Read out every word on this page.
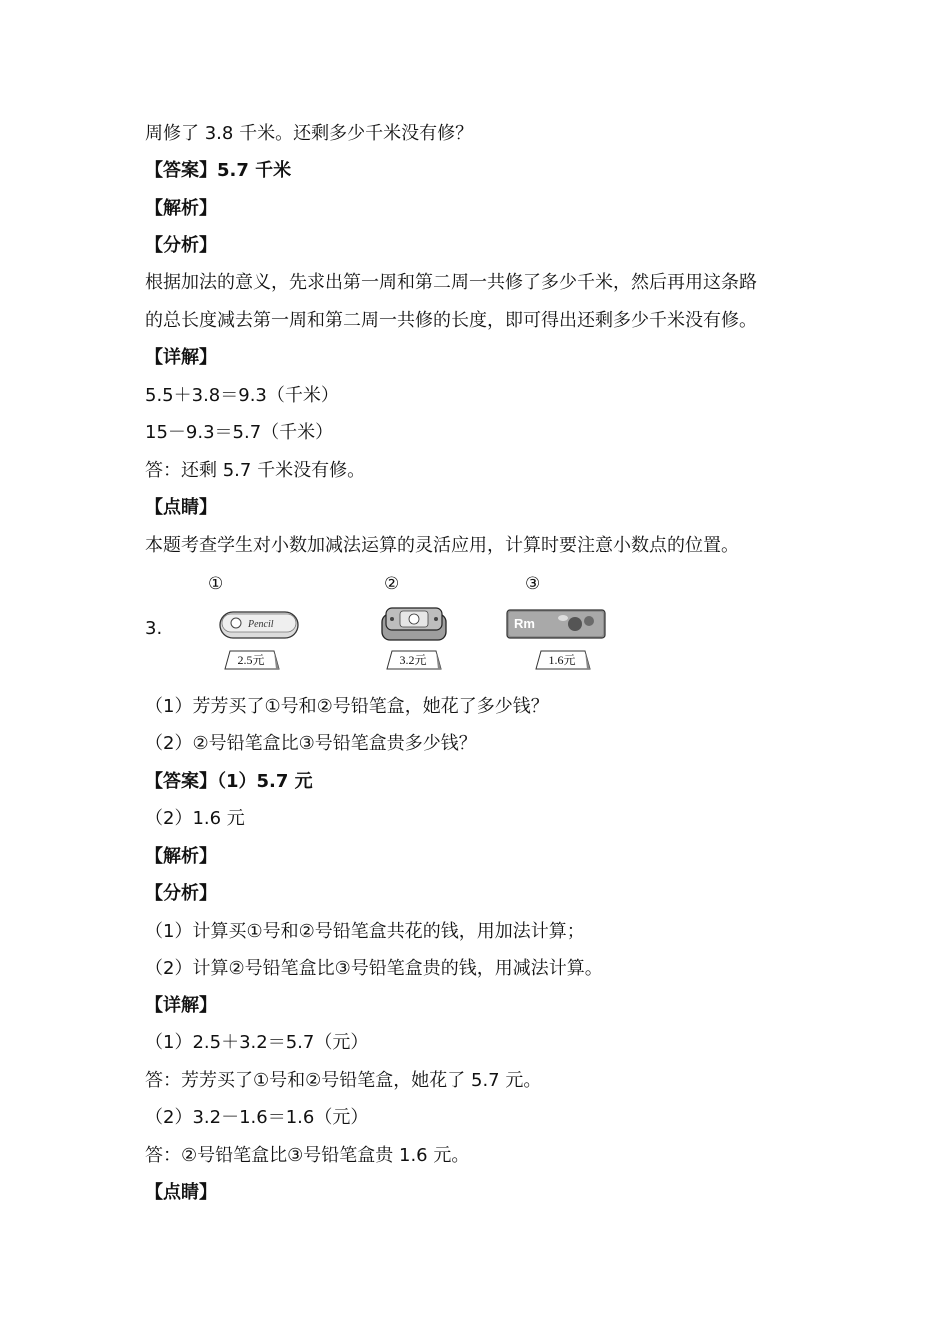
周修了 3.8 千米。还剩多少千米没有修？
【答案】5.7 千米
【解析】
【分析】
根据加法的意义，先求出第一周和第二周一共修了多少千米，然后再用这条路
的总长度减去第一周和第二周一共修的长度，即可得出还剩多少千米没有修。
【详解】
5.5＋3.8＝9.3（千米）
15－9.3＝5.7（千米）
答：还剩 5.7 千米没有修。
【点睛】
本题考查学生对小数加减法运算的灵活应用，计算时要注意小数点的位置。
3.
①
Pencil
2.5元
②
3.2元
③
Rm
1.6元
（1）芳芳买了①号和②号铅笔盒，她花了多少钱？
（2）②号铅笔盒比③号铅笔盒贵多少钱？
【答案】（1）5.7 元
（2）1.6 元
【解析】
【分析】
（1）计算买①号和②号铅笔盒共花的钱，用加法计算；
（2）计算②号铅笔盒比③号铅笔盒贵的钱，用减法计算。
【详解】
（1）2.5＋3.2＝5.7（元）
答：芳芳买了①号和②号铅笔盒，她花了 5.7 元。
（2）3.2－1.6＝1.6（元）
答：②号铅笔盒比③号铅笔盒贵 1.6 元。
【点睛】
